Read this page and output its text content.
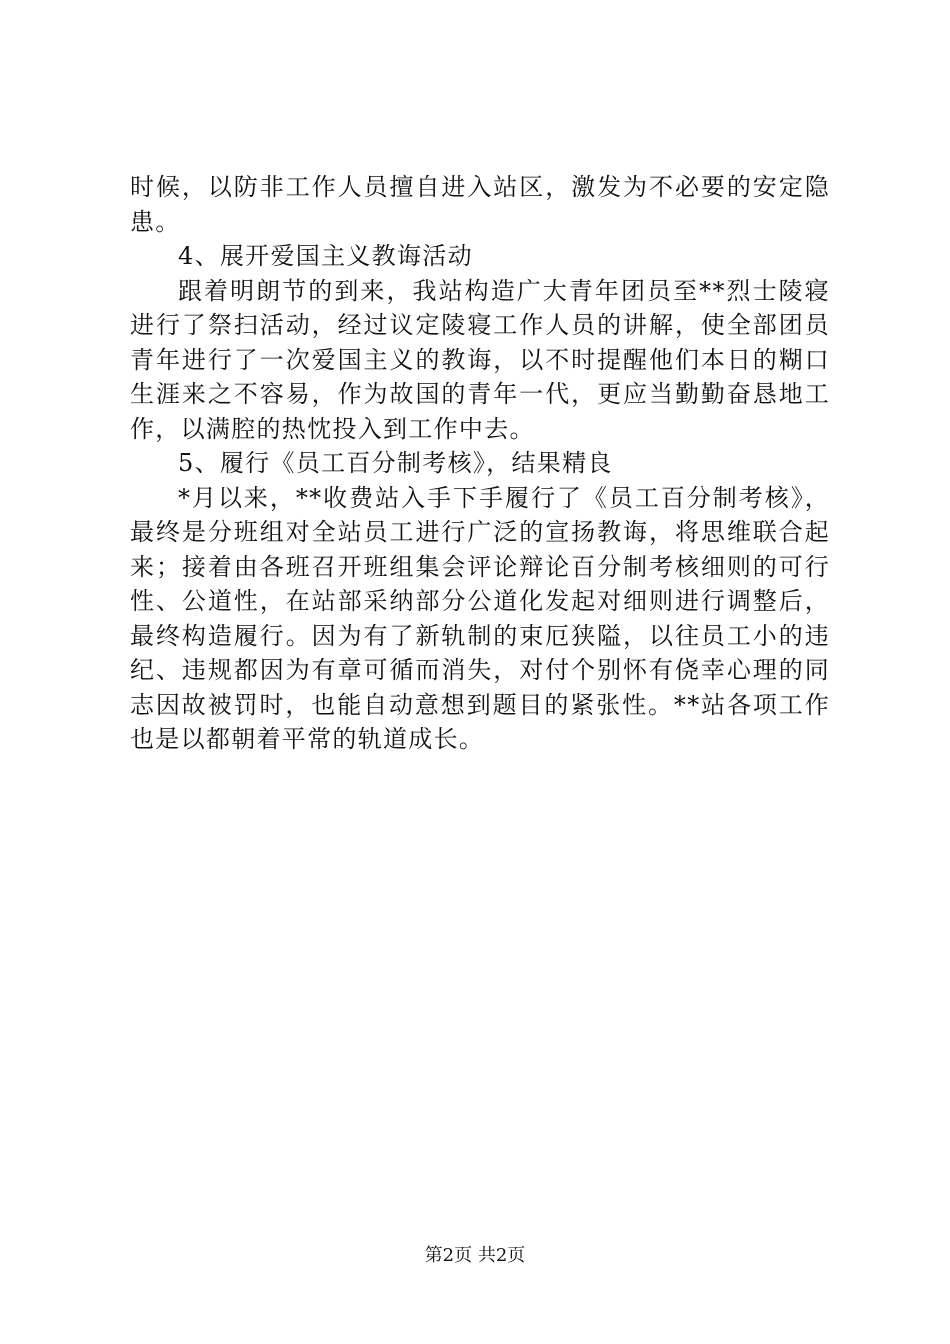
时候，以防非工作人员擅自进入站区，激发为不必要的安定隐
患。
4、展开爱国主义教诲活动
跟着明朗节的到来，我站构造广大青年团员至**烈士陵寝
进行了祭扫活动，经过议定陵寝工作人员的讲解，使全部团员
青年进行了一次爱国主义的教诲，以不时提醒他们本日的糊口
生涯来之不容易，作为故国的青年一代，更应当勤勤奋恳地工
作，以满腔的热忱投入到工作中去。
5、履行《员工百分制考核》，结果精良
*月以来，**收费站入手下手履行了《员工百分制考核》，
最终是分班组对全站员工进行广泛的宣扬教诲，将思维联合起
来；接着由各班召开班组集会评论辩论百分制考核细则的可行
性、公道性，在站部采纳部分公道化发起对细则进行调整后，
最终构造履行。因为有了新轨制的束厄狭隘，以往员工小的违
纪、违规都因为有章可循而消失，对付个别怀有侥幸心理的同
志因故被罚时，也能自动意想到题目的紧张性。**站各项工作
也是以都朝着平常的轨道成长。
第2页 共2页
